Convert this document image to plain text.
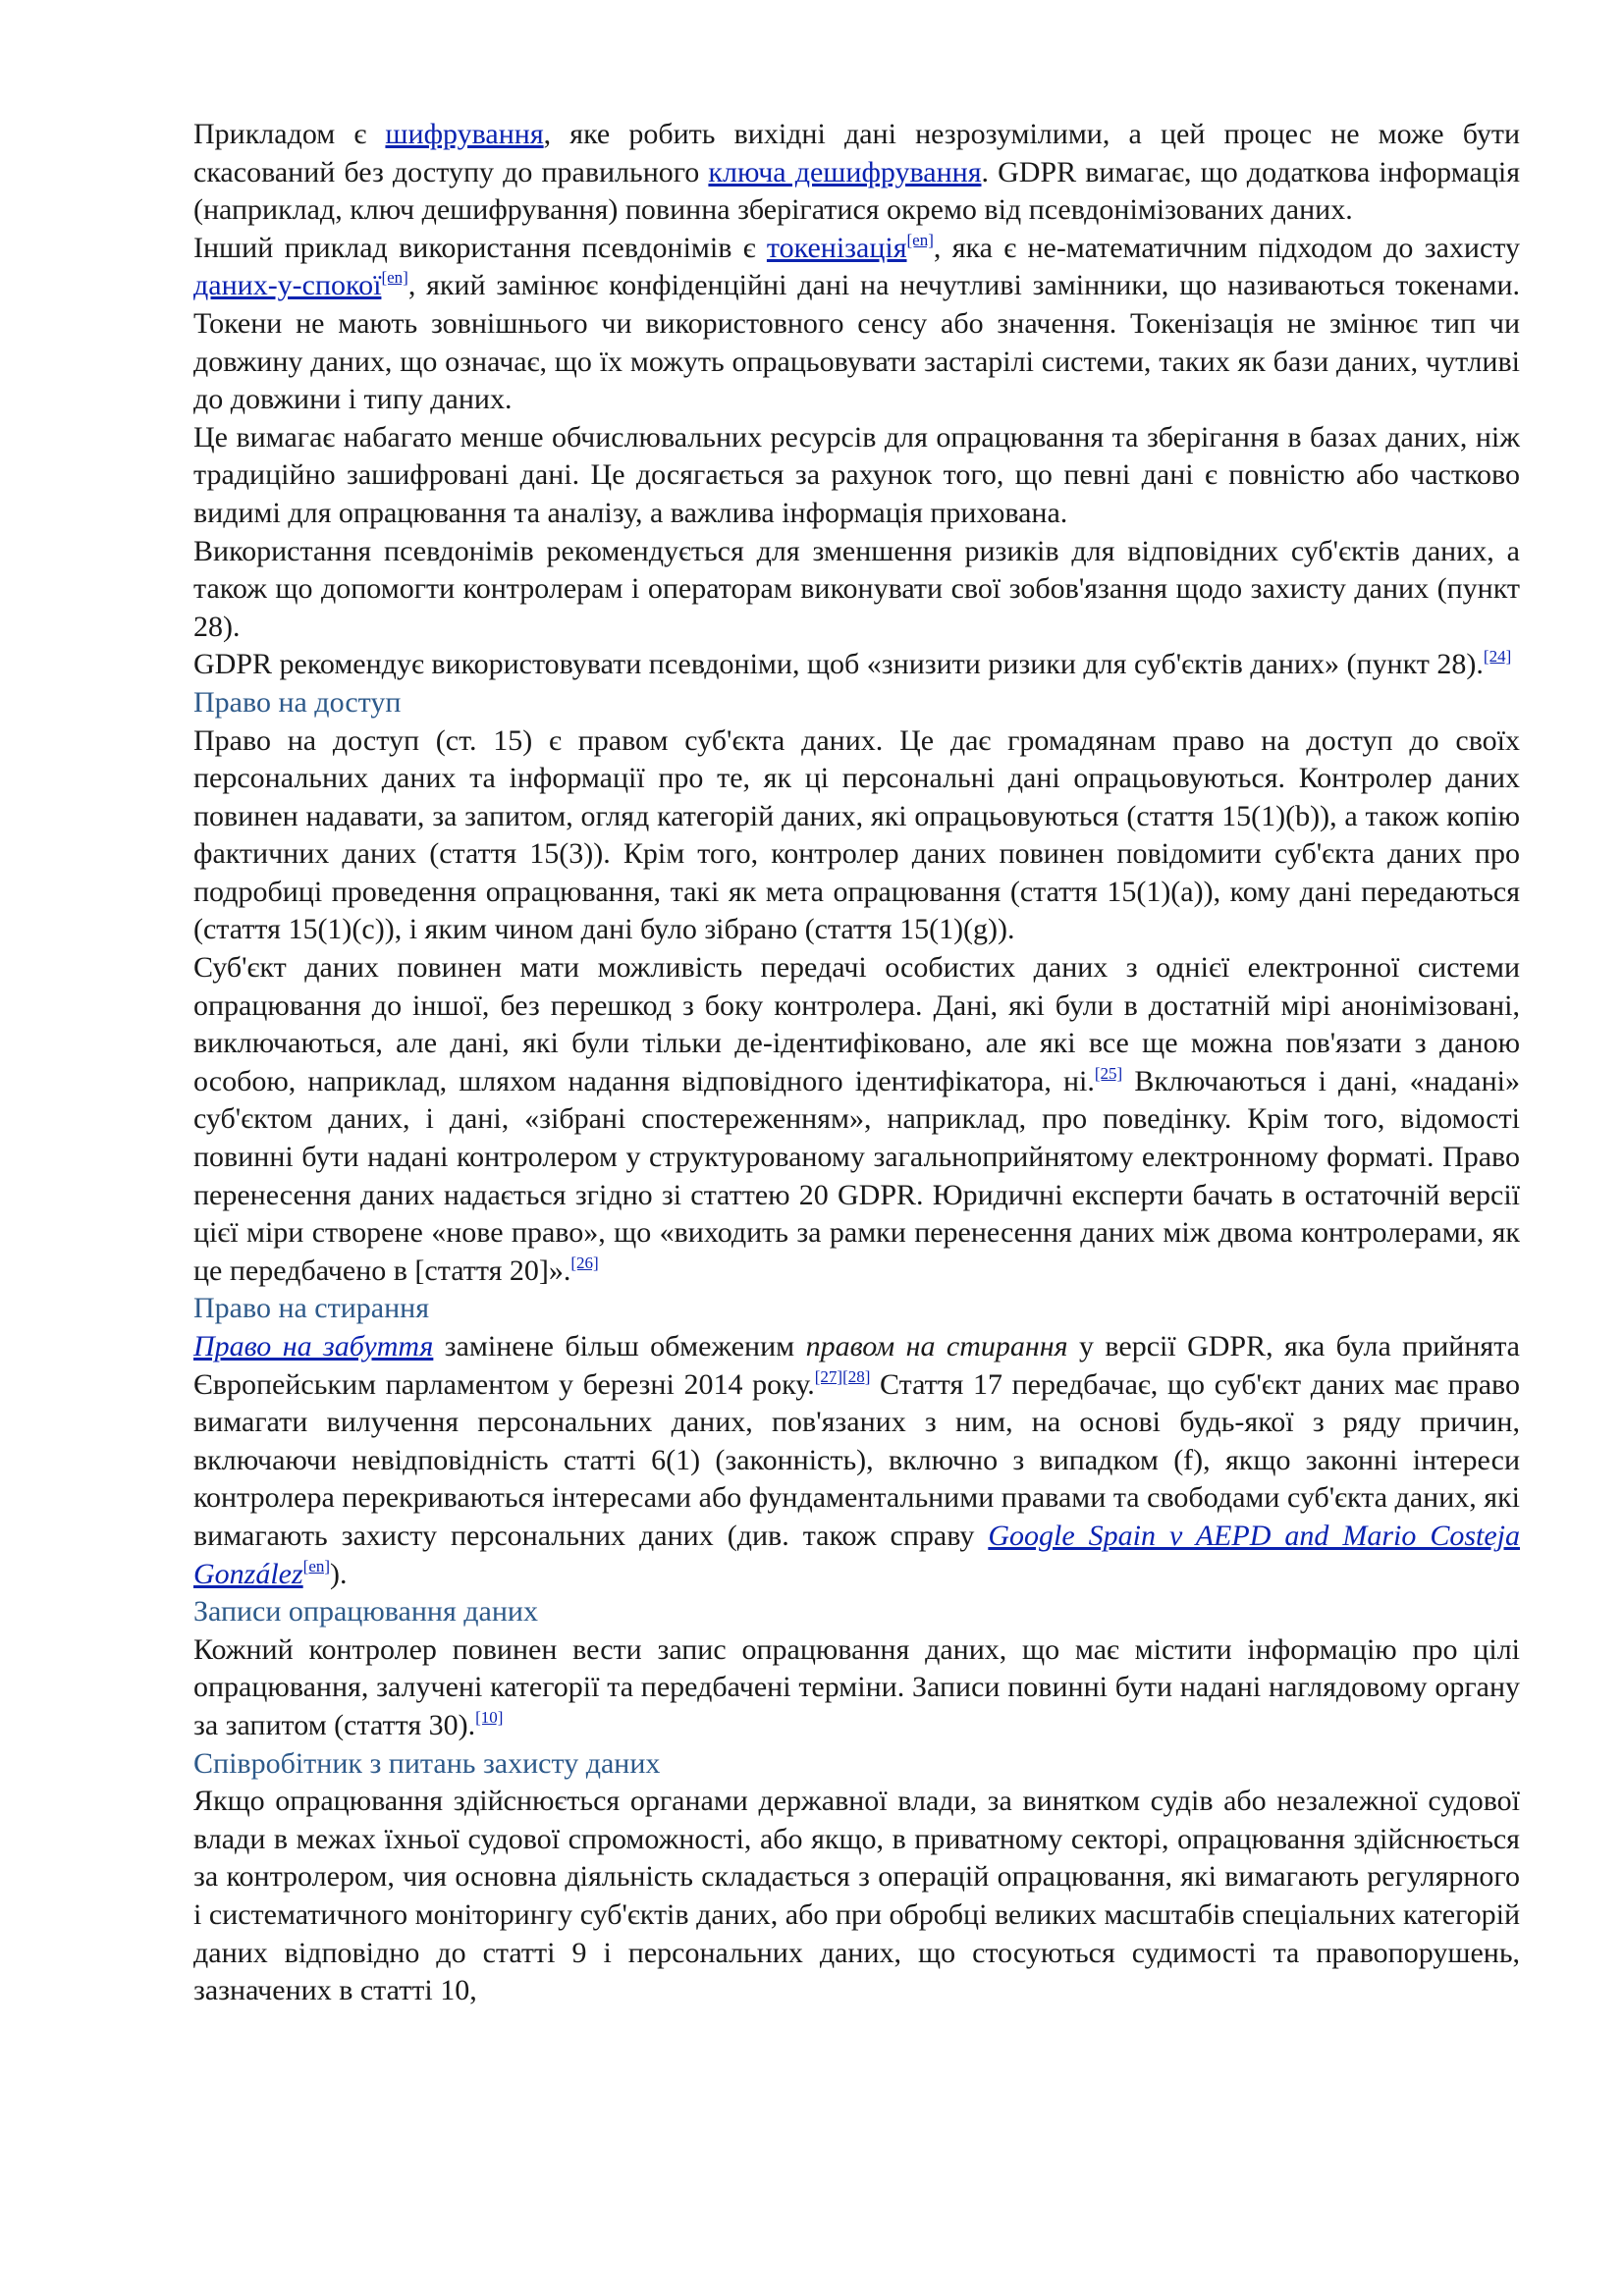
Прикладом є шифрування, яке робить вихідні дані незрозумілими, а цей процес не може бути скасований без доступу до правильного ключа дешифрування. GDPR вимагає, що додаткова інформація (наприклад, ключ дешифрування) повинна зберігатися окремо від псевдонімізованих даних.

Інший приклад використання псевдонімів є токенізація[en], яка є не-математичним підходом до захисту даних-у-спокої[en], який замінює конфіденційні дані на нечутливі замінники, що називаються токенами. Токени не мають зовнішнього чи використовного сенсу або значення. Токенізація не змінює тип чи довжину даних, що означає, що їх можуть опрацьовувати застарілі системи, таких як бази даних, чутливі до довжини і типу даних.

Це вимагає набагато менше обчислювальних ресурсів для опрацювання та зберігання в базах даних, ніж традиційно зашифровані дані. Це досягається за рахунок того, що певні дані є повністю або частково видимі для опрацювання та аналізу, а важлива інформація прихована.

Використання псевдонімів рекомендується для зменшення ризиків для відповідних суб'єктів даних, а також що допомогти контролерам і операторам виконувати свої зобов'язання щодо захисту даних (пункт 28).

GDPR рекомендує використовувати псевдоніми, щоб «знизити ризики для суб'єктів даних» (пункт 28).[24]

Право на доступ

Право на доступ (ст. 15) є правом суб'єкта даних. Це дає громадянам право на доступ до своїх персональних даних та інформації про те, як ці персональні дані опрацьовуються. Контролер даних повинен надавати, за запитом, огляд категорій даних, які опрацьовуються (стаття 15(1)(b)), а також копію фактичних даних (стаття 15(3)). Крім того, контролер даних повинен повідомити суб'єкта даних про подробиці проведення опрацювання, такі як мета опрацювання (стаття 15(1)(a)), кому дані передаються (стаття 15(1)(c)), і яким чином дані було зібрано (стаття 15(1)(g)).

Суб'єкт даних повинен мати можливість передачі особистих даних з однієї електронної системи опрацювання до іншої, без перешкод з боку контролера. Дані, які були в достатній мірі анонімізовані, виключаються, але дані, які були тільки де-ідентифіковано, але які все ще можна пов'язати з даною особою, наприклад, шляхом надання відповідного ідентифікатора, ні.[25] Включаються і дані, «надані» суб'єктом даних, і дані, «зібрані спостереженням», наприклад, про поведінку. Крім того, відомості повинні бути надані контролером у структурованому загальноприйнятому електронному форматі. Право перенесення даних надається згідно зі статтею 20 GDPR. Юридичні експерти бачать в остаточній версії цієї міри створене «нове право», що «виходить за рамки перенесення даних між двома контролерами, як це передбачено в [стаття 20]».[26]

Право на стирання

Право на забуття замінене більш обмеженим правом на стирання у версії GDPR, яка була прийнята Європейським парламентом у березні 2014 року.[27][28] Стаття 17 передбачає, що суб'єкт даних має право вимагати вилучення персональних даних, пов'язаних з ним, на основі будь-якої з ряду причин, включаючи невідповідність статті 6(1) (законність), включно з випадком (f), якщо законні інтереси контролера перекриваються інтересами або фундаментальними правами та свободами суб'єкта даних, які вимагають захисту персональних даних (див. також справу Google Spain v AEPD and Mario Costeja González[en]).

Записи опрацювання даних

Кожний контролер повинен вести запис опрацювання даних, що має містити інформацію про цілі опрацювання, залучені категорії та передбачені терміни. Записи повинні бути надані наглядовому органу за запитом (стаття 30).[10]

Співробітник з питань захисту даних

Якщо опрацювання здійснюється органами державної влади, за винятком судів або незалежної судової влади в межах їхньої судової спроможності, або якщо, в приватному секторі, опрацювання здійснюється за контролером, чия основна діяльність складається з операцій опрацювання, які вимагають регулярного і систематичного моніторингу суб'єктів даних, або при обробці великих масштабів спеціальних категорій даних відповідно до статті 9 і персональних даних, що стосуються судимості та правопорушень, зазначених в статті 10,
